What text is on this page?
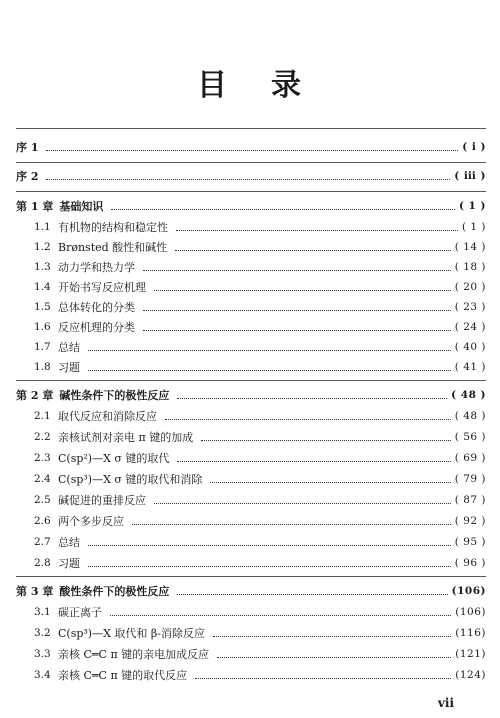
目 录
序 1	( ⅰ )
序 2	( ⅲ )
第 1 章 基础知识	( 1 )
1.1 有机物的结构和稳定性	( 1 )
1.2 Brønsted 酸性和碱性	( 14 )
1.3 动力学和热力学	( 18 )
1.4 开始书写反应机理	( 20 )
1.5 总体转化的分类	( 23 )
1.6 反应机理的分类	( 24 )
1.7 总结	( 40 )
1.8 习题	( 41 )
第 2 章 碱性条件下的极性反应	( 48 )
2.1 取代反应和消除反应	( 48 )
2.2 亲核试剂对亲电 π 键的加成	( 56 )
2.3 C(sp²)—X σ 键的取代	( 69 )
2.4 C(sp³)—X σ 键的取代和消除	( 79 )
2.5 碱促进的重排反应	( 87 )
2.6 两个多步反应	( 92 )
2.7 总结	( 95 )
2.8 习题	( 96 )
第 3 章 酸性条件下的极性反应	(106)
3.1 碳正离子	(106)
3.2 C(sp³)—X 取代和 β-消除反应	(116)
3.3 亲核 C═C π 键的亲电加成反应	(121)
3.4 亲核 C═C π 键的取代反应	(124)
vii
